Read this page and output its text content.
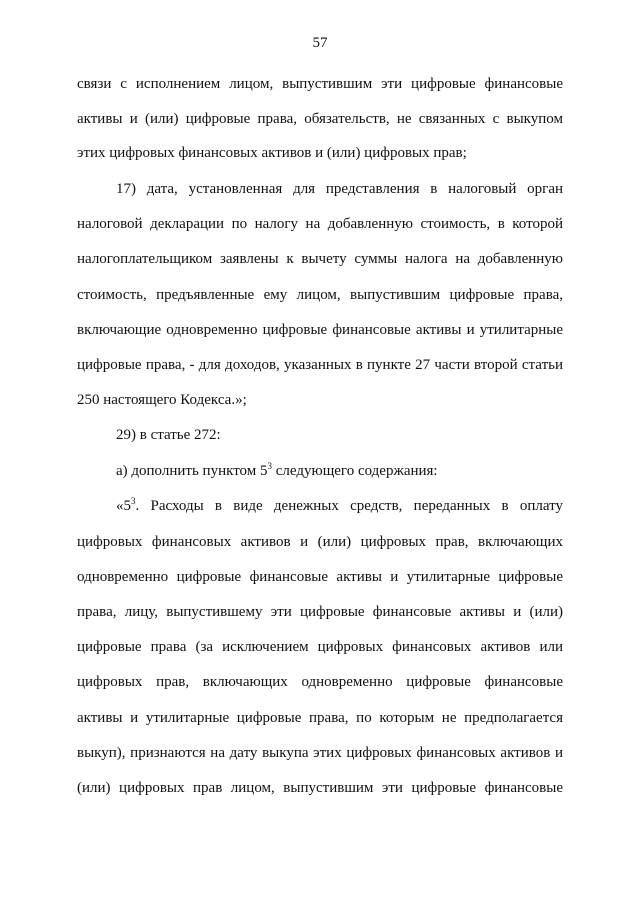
57
связи с исполнением лицом, выпустившим эти цифровые финансовые
активы и (или) цифровые права, обязательств, не связанных с выкупом
этих цифровых финансовых активов и (или) цифровых прав;
17) дата, установленная для представления в налоговый орган
налоговой декларации по налогу на добавленную стоимость, в которой
налогоплательщиком заявлены к вычету суммы налога на добавленную
стоимость, предъявленные ему лицом, выпустившим цифровые права,
включающие одновременно цифровые финансовые активы и утилитарные
цифровые права, - для доходов, указанных в пункте 27 части второй статьи
250 настоящего Кодекса.»;
29) в статье 272:
а) дополнить пунктом $5^3$ следующего содержания:
«$5^3$. Расходы в виде денежных средств, переданных в оплату
цифровых финансовых активов и (или) цифровых прав, включающих
одновременно цифровые финансовые активы и утилитарные цифровые
права, лицу, выпустившему эти цифровые финансовые активы и (или)
цифровые права (за исключением цифровых финансовых активов или
цифровых прав, включающих одновременно цифровые финансовые
активы и утилитарные цифровые права, по которым не предполагается
выкуп), признаются на дату выкупа этих цифровых финансовых активов и
(или) цифровых прав лицом, выпустившим эти цифровые финансовые
